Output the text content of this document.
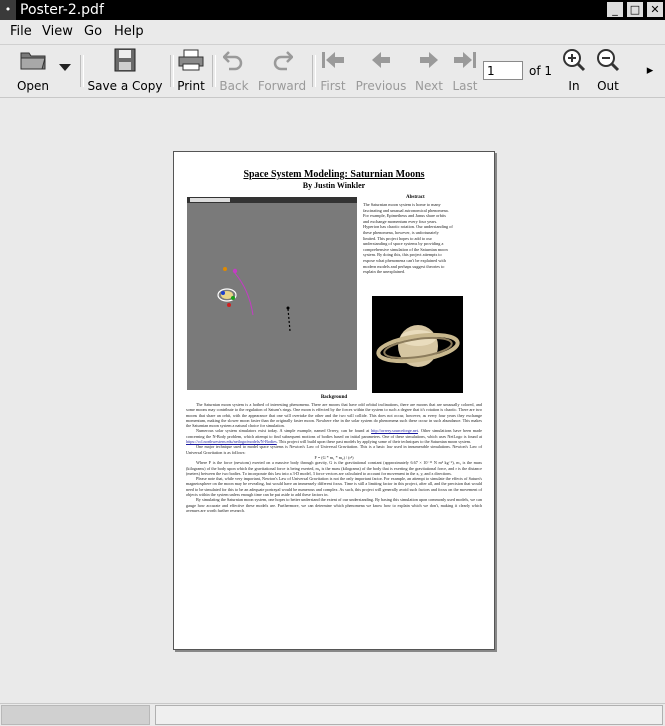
• Poster-2.pdf	_	□ ✕
File View Go Help
Open	Save a Copy Print Back Forward	First Previous Next Last
1
of 1
In	Out
▸
Space System Modeling: Saturnian Moons
By Justin Winkler
Abstract
The Saturnian moon system is home to many fascinating and unusual astronomical phenomena. For example, Epimetheus and Janus share orbits and exchange momentum every four years. Hyperion has chaotic rotation. Our understanding of these phenomena, however, is unfortunately limited. This project hopes to add to our understanding of space systems by providing a comprehensive simulation of the Saturnian moon system. By doing this, this project attempts to expose what phenomena can't be explained with modern models and perhaps suggest theories to explain the unexplained.
Background

The Saturnian moon system is a hotbed of interesting phenomena. There are moons that have odd orbital inclinations, there are moons that are unusually colored, and some moons may contribute to the regulation of Saturn's rings. One moon is effected by the forces within the system to such a degree that it's rotation is chaotic. There are two moons that share an orbit, with the appearance that one will overtake the other and the two will collide. This does not occur, however, as every four years they exchange momentum, making the slower moon faster than the originally faster moon. Nowhere else in the solar system do phenomena such these occur in such abundance. This makes the Saturnian moon system a natural choice for simulation.

Numerous solar system simulators exist today. A simple example, named Orrery, can be found at http://orrery.sourceforge.net. Other simulations have been made concerning the N-Body problem, which attempt to find subsequent motions of bodies based on initial parameters. One of these simulations, which uses NetLogo is found at https://ccl.northwestern.edu/netlogo/models/N-Bodies. This project will build upon these past models by applying some of their techniques to the Saturnian moon system.

One major technique used to model space systems is Newton's Law of Universal Gravitation. This is a basic law used in innumerable simulations. Newton's Law of Universal Gravitation is as follows:

F = (G * m₁ * m₂) / (r²)

Where F is the force (newtons) exerted on a massive body through gravity, G is the gravitational constant (approximately 6.67 × 10⁻¹¹ N m² kg⁻²), m₁ is the mass (kilograms) of the body upon which the gravitational force is being exerted, m₂ is the mass (kilograms) of the body that is exerting the gravitational force, and r is the distance (meters) between the two bodies. To incorporate this law into a 3-D model, 3 force vectors are calculated to account for movement in the x, y, and z directions.

Please note that, while very important, Newton's Law of Universal Gravitation is not the only important factor. For example, an attempt to simulate the effects of Saturn's magnetosphere on the moon may be revealing, but would have an immensely different focus. Time is still a limiting factor in this project, after all, and the precision that would need to be simulated for this to be an adequate portrayal would be numerous and complex. As such, this project will generally avoid such factors and focus on the movement of objects within the system unless enough time can be put aside to add these factors in.

By simulating the Saturnian moon system, one hopes to better understand the extent of our understanding. By basing this simulation upon commonly used models, we can gauge how accurate and effective these models are. Furthermore, we can determine which phenomena we know how to explain which we don't, making it clearly which avenues are worth further research.
